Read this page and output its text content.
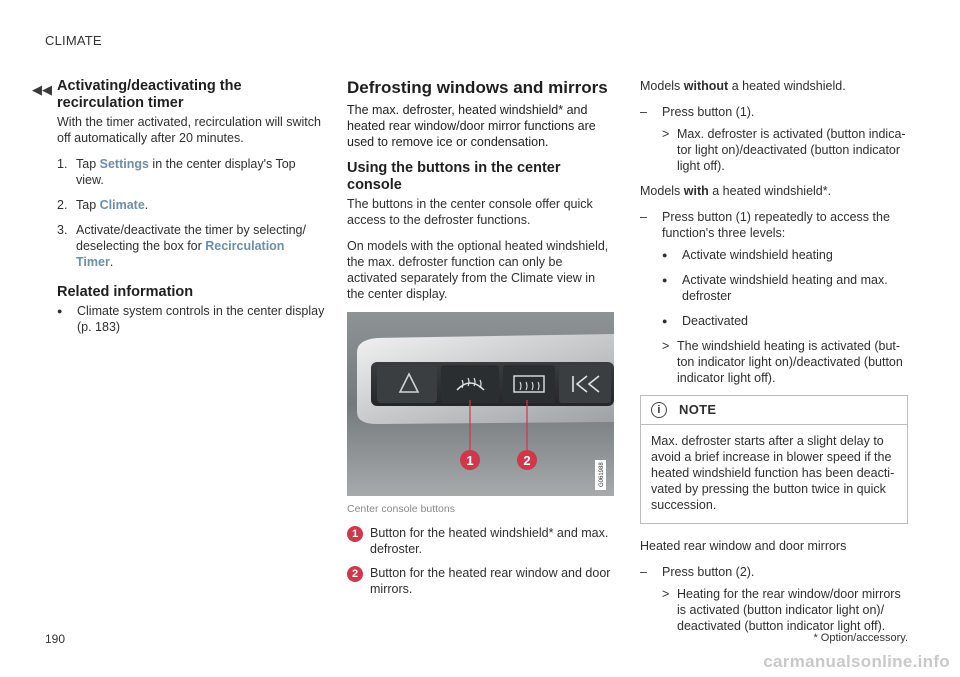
CLIMATE
◀◀ Activating/deactivating the recirculation timer

With the timer activated, recirculation will switch off automatically after 20 minutes.

1. Tap Settings in the center display's Top view.
2. Tap Climate.
3. Activate/deactivate the timer by selecting/ deselecting the box for Recirculation Timer.
Related information
●	Climate system controls in the center display (p. 183)
Defrosting windows and mirrors

The max. defroster, heated windshield* and heated rear window/door mirror functions are used to remove ice or condensation.

Using the buttons in the center console

The buttons in the center console offer quick access to the defroster functions.

On models with the optional heated windshield, the max. defroster function can only be activated separately from the Climate view in the center display.

1	2
G061988
Center console buttons
1 Button for the heated windshield* and max. defroster.
2 Button for the heated rear window and door mirrors.

Models without a heated windshield.

–	Press button (1).
> Max. defroster is activated (button indica- tor light on)/deactivated (button indicator light off).

Models with a heated windshield*.

–	Press button (1) repeatedly to access the function's three levels:
●	Activate windshield heating
●	Activate windshield heating and max. defroster
●	Deactivated
> The windshield heating is activated (but- ton indicator light on)/deactivated (button indicator light off).
i	NOTE
Max. defroster starts after a slight delay to avoid a brief increase in blower speed if the heated windshield function has been deacti- vated by pressing the button twice in quick succession.

Heated rear window and door mirrors

–	Press button (2).
> Heating for the rear window/door mirrors is activated (button indicator light on)/ deactivated (button indicator light off).
190	* Option/accessory.
carmanualsonline.info
